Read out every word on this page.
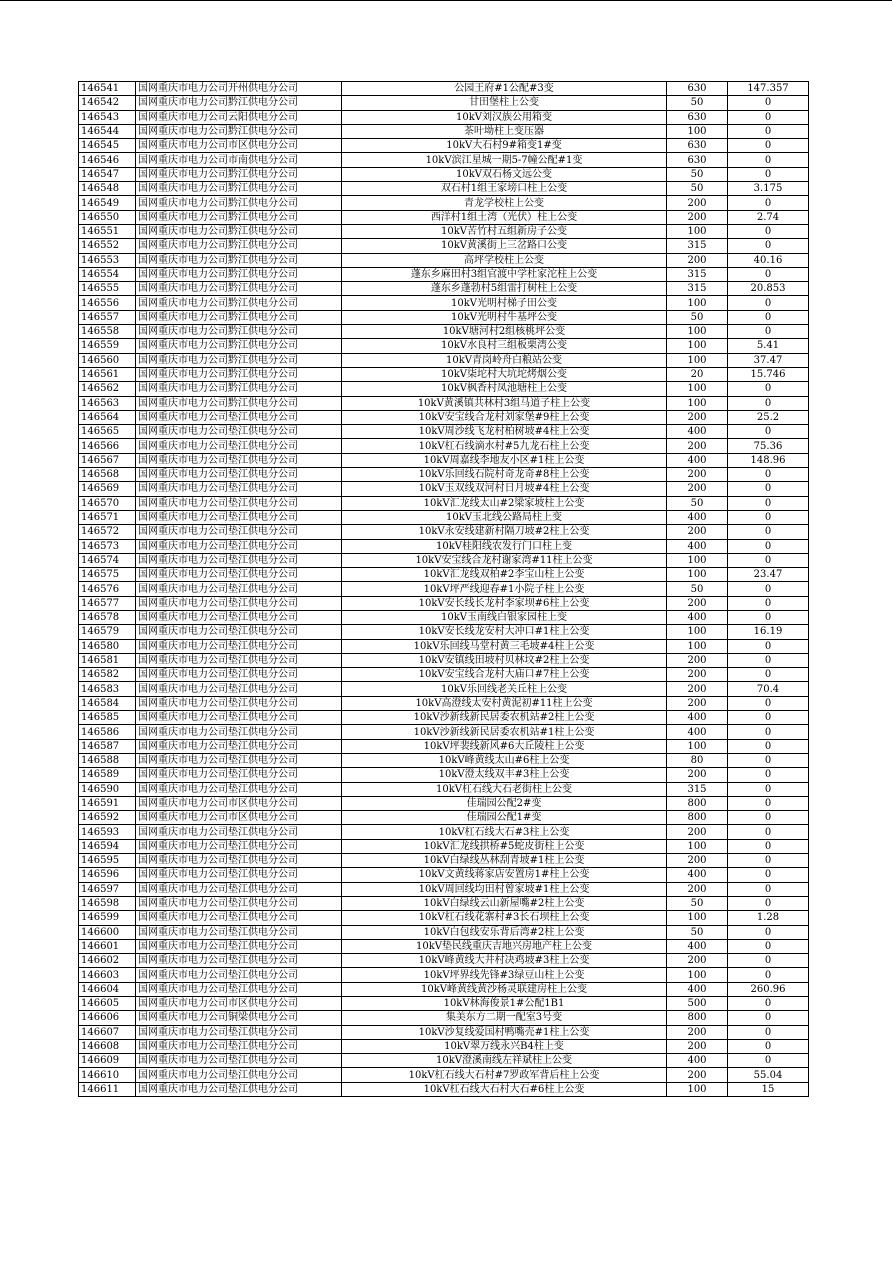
146541	国网重庆市电力公司开州供电分公司	公园王府#1公配#3变	630	147.357
146542	国网重庆市电力公司黔江供电分公司	甘田堡柱上公变	50	0
146543	国网重庆市电力公司云阳供电分公司	10kV刘汉族公用箱变	630	0
146544	国网重庆市电力公司黔江供电分公司	茶叶坳柱上变压器	100	0
146545	国网重庆市电力公司市区供电分公司	10kV大石村9#箱变1#变	630	0
146546	国网重庆市电力公司市南供电分公司	10kV滨江星城一期5-7幢公配#1变	630	0
146547	国网重庆市电力公司黔江供电分公司	10kV双石杨文远公变	50	0
146548	国网重庆市电力公司黔江供电分公司	双石村1组王家塝口柱上公变	50	3.175
146549	国网重庆市电力公司黔江供电分公司	青龙学校柱上公变	200	0
146550	国网重庆市电力公司黔江供电分公司	西洋村1组土湾（光伏）柱上公变	200	2.74
146551	国网重庆市电力公司黔江供电分公司	10kV苦竹村五组新房子公变	100	0
146552	国网重庆市电力公司黔江供电分公司	10kV黄溪街上三岔路口公变	315	0
146553	国网重庆市电力公司黔江供电分公司	高坪学校柱上公变	200	40.16
146554	国网重庆市电力公司黔江供电分公司	蓬东乡麻田村3组官渡中学杜家沱柱上公变	315	0
146555	国网重庆市电力公司黔江供电分公司	蓬东乡蓬勃村5组雷打树柱上公变	315	20.853
146556	国网重庆市电力公司黔江供电分公司	10kV光明村梯子田公变	100	0
146557	国网重庆市电力公司黔江供电分公司	10kV光明村牛基坪公变	50	0
146558	国网重庆市电力公司黔江供电分公司	10kV塘河村2组核桃坪公变	100	0
146559	国网重庆市电力公司黔江供电分公司	10kV水良村三组板栗湾公变	100	5.41
146560	国网重庆市电力公司黔江供电分公司	10kV青岗岭舟白粮站公变	100	37.47
146561	国网重庆市电力公司黔江供电分公司	10kV柒坨村大坑坨烤烟公变	20	15.746
146562	国网重庆市电力公司黔江供电分公司	10kV枫香村凤池塘柱上公变	100	0
146563	国网重庆市电力公司黔江供电分公司	10kV黄溪镇共林村3组马道子柱上公变	100	0
146564	国网重庆市电力公司垫江供电分公司	10kV安宝线合龙村刘家堡#9柱上公变	200	25.2
146565	国网重庆市电力公司垫江供电分公司	10kV周沙线飞龙村柏树坡#4柱上公变	400	0
146566	国网重庆市电力公司垫江供电分公司	10kV杠石线滴水村#5九龙石柱上公变	200	75.36
146567	国网重庆市电力公司垫江供电分公司	10kV周嘉线李地友小区#1柱上公变	400	148.96
146568	国网重庆市电力公司垫江供电分公司	10kV乐回线石院村奇龙奇#8柱上公变	200	0
146569	国网重庆市电力公司垫江供电分公司	10kV玉双线双河村日月坡#4柱上公变	200	0
146570	国网重庆市电力公司垫江供电分公司	10kV汇龙线太山#2梁家坡柱上公变	50	0
146571	国网重庆市电力公司垫江供电分公司	10kV玉北线公路局柱上变	400	0
146572	国网重庆市电力公司垫江供电分公司	10kV永安线建新村隔刀坡#2柱上公变	200	0
146573	国网重庆市电力公司垫江供电分公司	10kV桂阳线农发行门口柱上变	400	0
146574	国网重庆市电力公司垫江供电分公司	10kV安宝线合龙村谢家湾#11柱上公变	100	0
146575	国网重庆市电力公司垫江供电分公司	10kV汇龙线双柏#2李宝山柱上公变	100	23.47
146576	国网重庆市电力公司垫江供电分公司	10kV坪严线迎春#1小院子柱上公变	50	0
146577	国网重庆市电力公司垫江供电分公司	10kV安长线长龙村李家坝#6柱上公变	200	0
146578	国网重庆市电力公司垫江供电分公司	10kV玉南线白银家园柱上变	400	0
146579	国网重庆市电力公司垫江供电分公司	10kV安长线龙安村大冲口#1柱上公变	100	16.19
146580	国网重庆市电力公司垫江供电分公司	10kV乐回线马堂村黄三毛坡#4柱上公变	100	0
146581	国网重庆市电力公司垫江供电分公司	10kV安镇线田坡村贝林坟#2柱上公变	200	0
146582	国网重庆市电力公司垫江供电分公司	10kV安宝线合龙村大庙口#7柱上公变	200	0
146583	国网重庆市电力公司垫江供电分公司	10kV乐回线老关丘柱上公变	200	70.4
146584	国网重庆市电力公司垫江供电分公司	10kV高澄线太安村黄泥初#11柱上公变	200	0
146585	国网重庆市电力公司垫江供电分公司	10kV沙新线新民居委农机站#2柱上公变	400	0
146586	国网重庆市电力公司垫江供电分公司	10kV沙新线新民居委农机站#1柱上公变	400	0
146587	国网重庆市电力公司垫江供电分公司	10kV坪裴线新风#6大丘陵柱上公变	100	0
146588	国网重庆市电力公司垫江供电分公司	10kV峰黄线太山#6柱上公变	80	0
146589	国网重庆市电力公司垫江供电分公司	10kV澄太线双丰#3柱上公变	200	0
146590	国网重庆市电力公司垫江供电分公司	10kV杠石线大石老街柱上公变	315	0
146591	国网重庆市电力公司市区供电分公司	佳瑞园公配2#变	800	0
146592	国网重庆市电力公司市区供电分公司	佳瑞园公配1#变	800	0
146593	国网重庆市电力公司垫江供电分公司	10kV杠石线大石#3柱上公变	200	0
146594	国网重庆市电力公司垫江供电分公司	10kV汇龙线拱桥#5蛇皮街柱上公变	100	0
146595	国网重庆市电力公司垫江供电分公司	10kV白绿线丛林刮青坡#1柱上公变	200	0
146596	国网重庆市电力公司垫江供电分公司	10kV文黄线蒋家店安置房1#柱上公变	400	0
146597	国网重庆市电力公司垫江供电分公司	10kV周回线均田村曾家坡#1柱上公变	200	0
146598	国网重庆市电力公司垫江供电分公司	10kV白绿线云山新屋嘴#2柱上公变	50	0
146599	国网重庆市电力公司垫江供电分公司	10kV杠石线花寨村#3长石坝柱上公变	100	1.28
146600	国网重庆市电力公司垫江供电分公司	10kV白包线安乐背后湾#2柱上公变	50	0
146601	国网重庆市电力公司垫江供电分公司	10kV垫民线重庆吉地兴房地产柱上公变	400	0
146602	国网重庆市电力公司垫江供电分公司	10kV峰黄线大井村决鸡坡#3柱上公变	200	0
146603	国网重庆市电力公司垫江供电分公司	10kV坪界线先锋#3绿豆山柱上公变	100	0
146604	国网重庆市电力公司垫江供电分公司	10kV峰黄线黄沙杨灵联建房柱上公变	400	260.96
146605	国网重庆市电力公司市区供电分公司	10kV林海俊景1#公配1B1	500	0
146606	国网重庆市电力公司铜梁供电分公司	集美东方二期一配室3号变	800	0
146607	国网重庆市电力公司垫江供电分公司	10kV沙复线爱国村鸭嘴壳#1柱上公变	200	0
146608	国网重庆市电力公司垫江供电分公司	10kV翠万线永兴B4柱上变	200	0
146609	国网重庆市电力公司垫江供电分公司	10kV澄溪南线左祥斌柱上公变	400	0
146610	国网重庆市电力公司垫江供电分公司	10kV杠石线大石村#7罗政军背后柱上公变	200	55.04
146611	国网重庆市电力公司垫江供电分公司	10kV杠石线大石村大石#6柱上公变	100	15
